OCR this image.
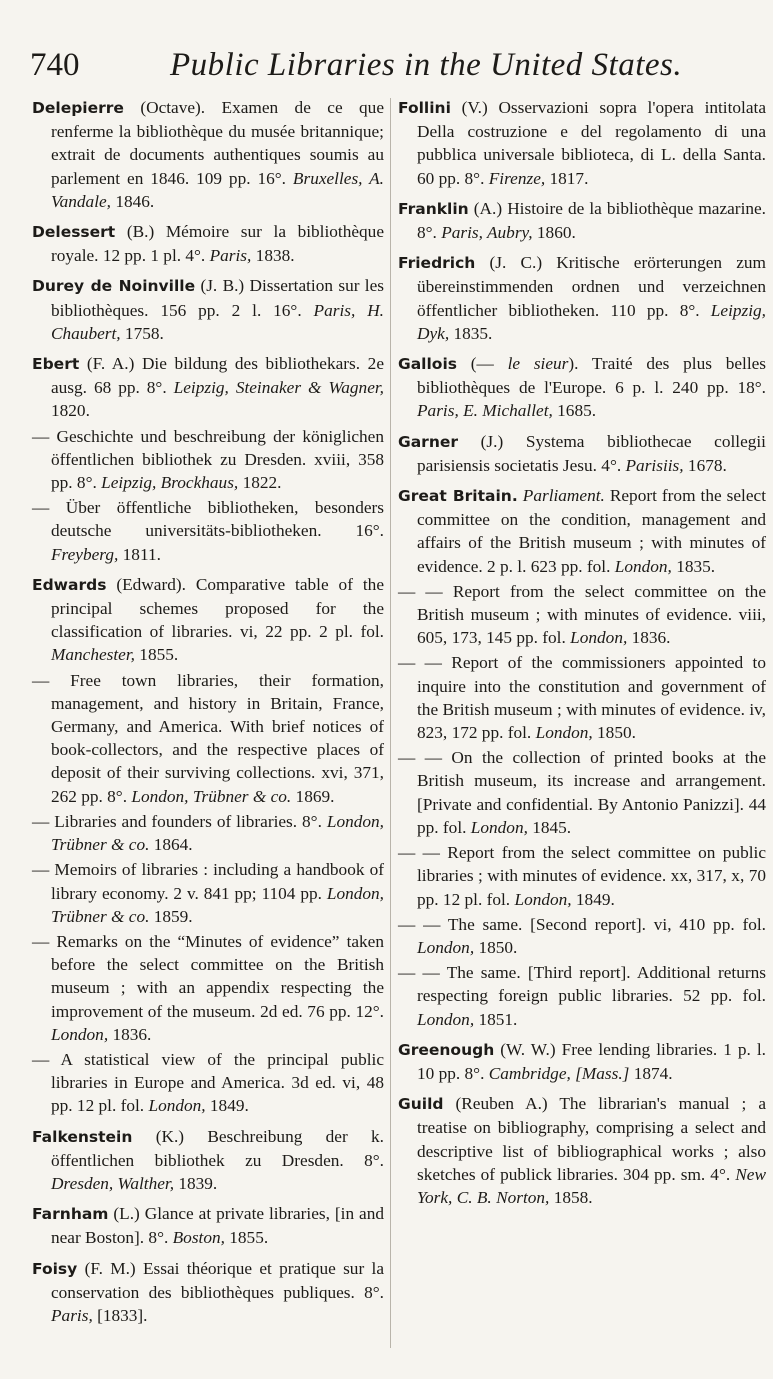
740	Public Libraries in the United States.

Delepierre (Octave). Examen de ce que renferme la bibliothèque du musée britannique; extrait de documents authentiques soumis au parlement en 1846. 109 pp. 16°. Bruxelles, A. Vandale, 1846.

Delessert (B.) Mémoire sur la bibliothèque royale. 12 pp. 1 pl. 4°. Paris, 1838.

Durey de Noinville (J. B.) Dissertation sur les bibliothèques. 156 pp. 2 l. 16°. Paris, H. Chaubert, 1758.

Ebert (F. A.) Die bildung des bibliothekars. 2e ausg. 68 pp. 8°. Leipzig, Steinaker & Wagner, 1820.

— Geschichte und beschreibung der königlichen öffentlichen bibliothek zu Dresden. xviii, 358 pp. 8°. Leipzig, Brockhaus, 1822.

— Über öffentliche bibliotheken, besonders deutsche universitäts-bibliotheken. 16°. Freyberg, 1811.

Edwards (Edward). Comparative table of the principal schemes proposed for the classification of libraries. vi, 22 pp. 2 pl. fol. Manchester, 1855.

— Free town libraries, their formation, management, and history in Britain, France, Germany, and America. With brief notices of book-collectors, and the respective places of deposit of their surviving collections. xvi, 371, 262 pp. 8°. London, Trübner & co. 1869.

— Libraries and founders of libraries. 8°. London, Trübner & co. 1864.

— Memoirs of libraries : including a handbook of library economy. 2 v. 841 pp; 1104 pp. London, Trübner & co. 1859.

— Remarks on the “Minutes of evidence” taken before the select committee on the British museum ; with an appendix respecting the improvement of the museum. 2d ed. 76 pp. 12°. London, 1836.

— A statistical view of the principal public libraries in Europe and America. 3d ed. vi, 48 pp. 12 pl. fol. London, 1849.

Falkenstein (K.) Beschreibung der k. öffentlichen bibliothek zu Dresden. 8°. Dresden, Walther, 1839.

Farnham (L.) Glance at private libraries, [in and near Boston]. 8°. Boston, 1855.

Foisy (F. M.) Essai théorique et pratique sur la conservation des bibliothèques publiques. 8°. Paris, [1833].

Follini (V.) Osservazioni sopra l'opera intitolata Della costruzione e del regolamento di una pubblica universale biblioteca, di L. della Santa. 60 pp. 8°. Firenze, 1817.

Franklin (A.) Histoire de la bibliothèque mazarine. 8°. Paris, Aubry, 1860.

Friedrich (J. C.) Kritische erörterungen zum übereinstimmenden ordnen und verzeichnen öffentlicher bibliotheken. 110 pp. 8°. Leipzig, Dyk, 1835.

Gallois (— le sieur). Traité des plus belles bibliothèques de l'Europe. 6 p. l. 240 pp. 18°. Paris, E. Michallet, 1685.

Garner (J.) Systema bibliothecae collegii parisiensis societatis Jesu. 4°. Parisiis, 1678.

Great Britain. Parliament. Report from the select committee on the condition, management and affairs of the British museum ; with minutes of evidence. 2 p. l. 623 pp. fol. London, 1835.

— — Report from the select committee on the British museum ; with minutes of evidence. viii, 605, 173, 145 pp. fol. London, 1836.

— — Report of the commissioners appointed to inquire into the constitution and government of the British museum ; with minutes of evidence. iv, 823, 172 pp. fol. London, 1850.

— — On the collection of printed books at the British museum, its increase and arrangement. [Private and confidential. By Antonio Panizzi]. 44 pp. fol. London, 1845.

— — Report from the select committee on public libraries ; with minutes of evidence. xx, 317, x, 70 pp. 12 pl. fol. London, 1849.

— — The same. [Second report]. vi, 410 pp. fol. London, 1850.

— — The same. [Third report]. Additional returns respecting foreign public libraries. 52 pp. fol. London, 1851.

Greenough (W. W.) Free lending libraries. 1 p. l. 10 pp. 8°. Cambridge, [Mass.] 1874.

Guild (Reuben A.) The librarian's manual ; a treatise on bibliography, comprising a select and descriptive list of bibliographical works ; also sketches of publick libraries. 304 pp. sm. 4°. New York, C. B. Norton, 1858.
